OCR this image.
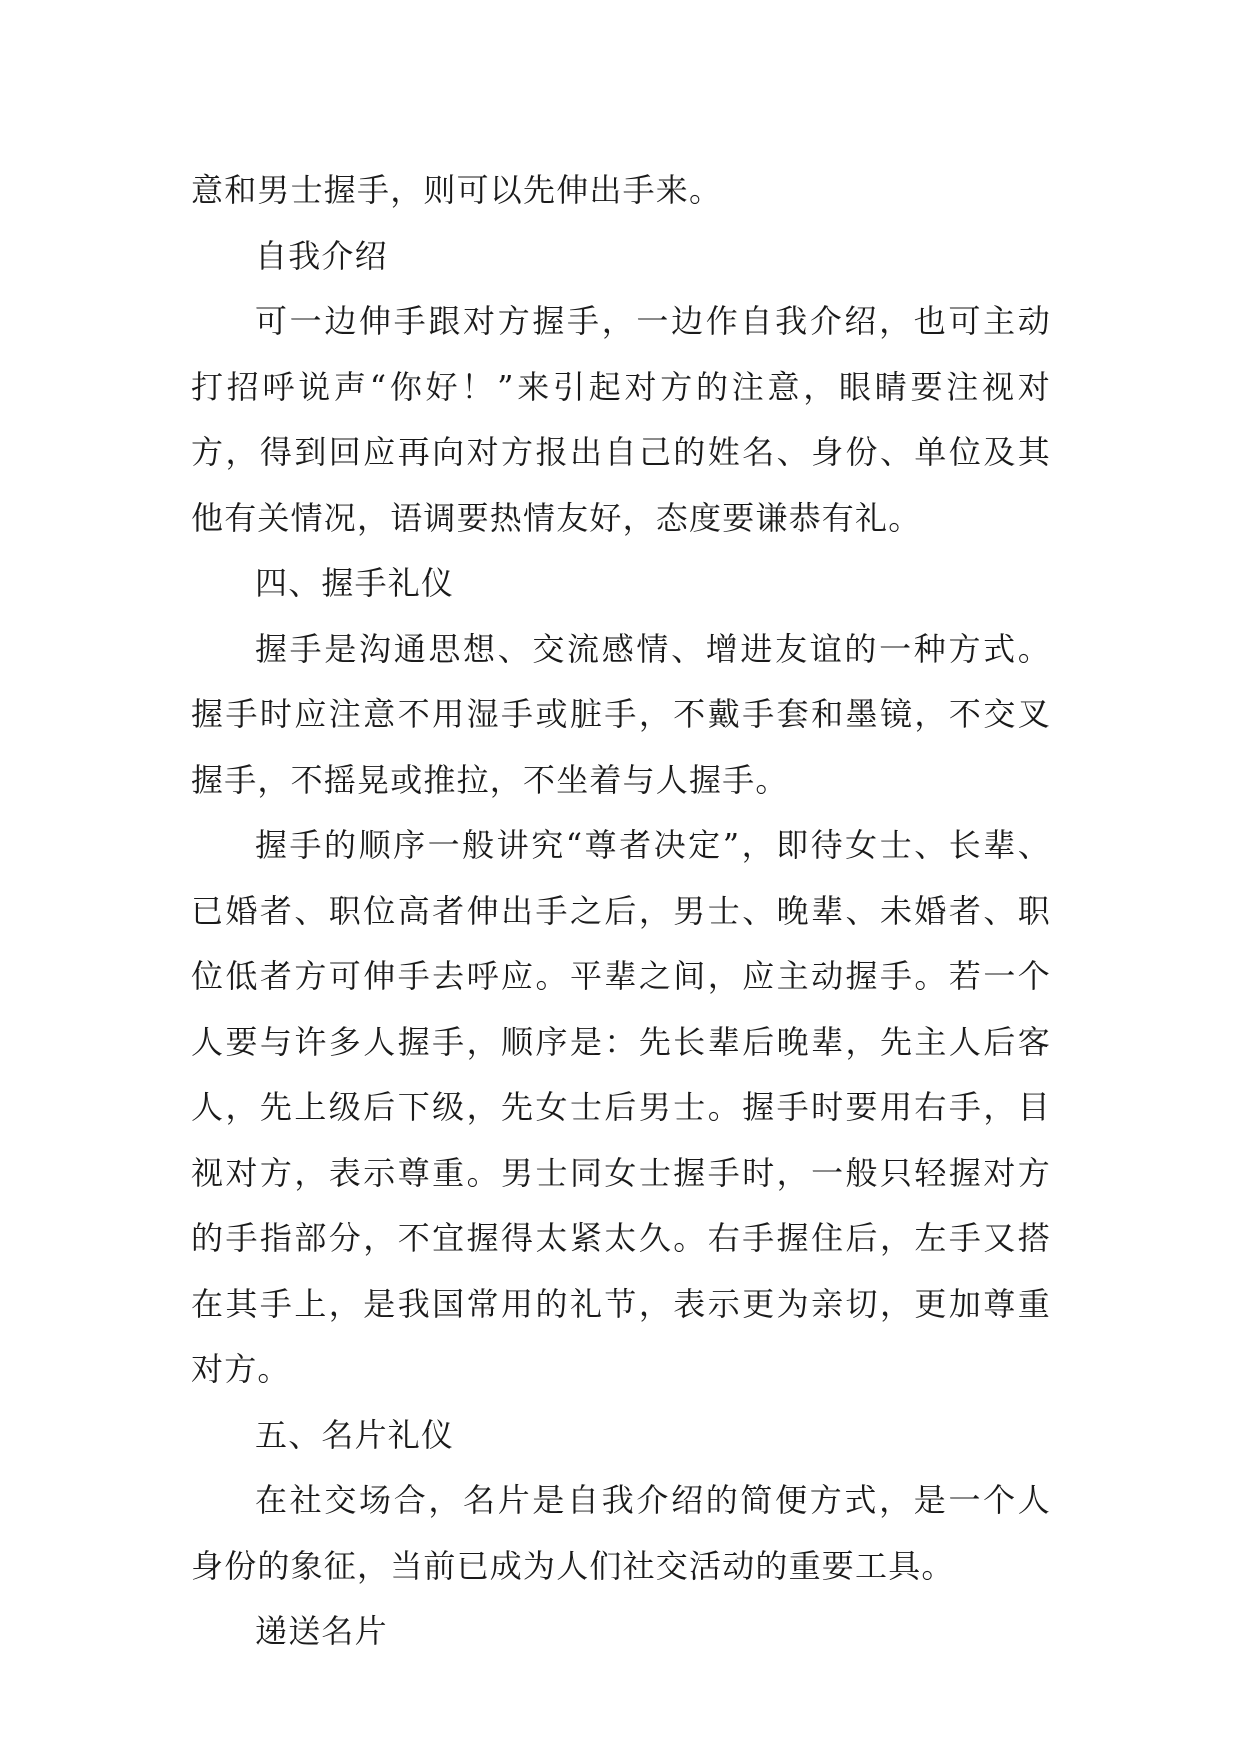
意和男士握手，则可以先伸出手来。

自我介绍

可一边伸手跟对方握手，一边作自我介绍，也可主动打招呼说声“你好！”来引起对方的注意，眼睛要注视对方，得到回应再向对方报出自己的姓名、身份、单位及其他有关情况，语调要热情友好，态度要谦恭有礼。

四、握手礼仪

握手是沟通思想、交流感情、增进友谊的一种方式。握手时应注意不用湿手或脏手，不戴手套和墨镜，不交叉握手，不摇晃或推拉，不坐着与人握手。

握手的顺序一般讲究“尊者决定”，即待女士、长辈、已婚者、职位高者伸出手之后，男士、晚辈、未婚者、职位低者方可伸手去呼应。平辈之间，应主动握手。若一个人要与许多人握手，顺序是：先长辈后晚辈，先主人后客人，先上级后下级，先女士后男士。握手时要用右手，目视对方，表示尊重。男士同女士握手时，一般只轻握对方的手指部分，不宜握得太紧太久。右手握住后，左手又搭在其手上，是我国常用的礼节，表示更为亲切，更加尊重对方。

五、名片礼仪

在社交场合，名片是自我介绍的简便方式，是一个人身份的象征，当前已成为人们社交活动的重要工具。

递送名片
